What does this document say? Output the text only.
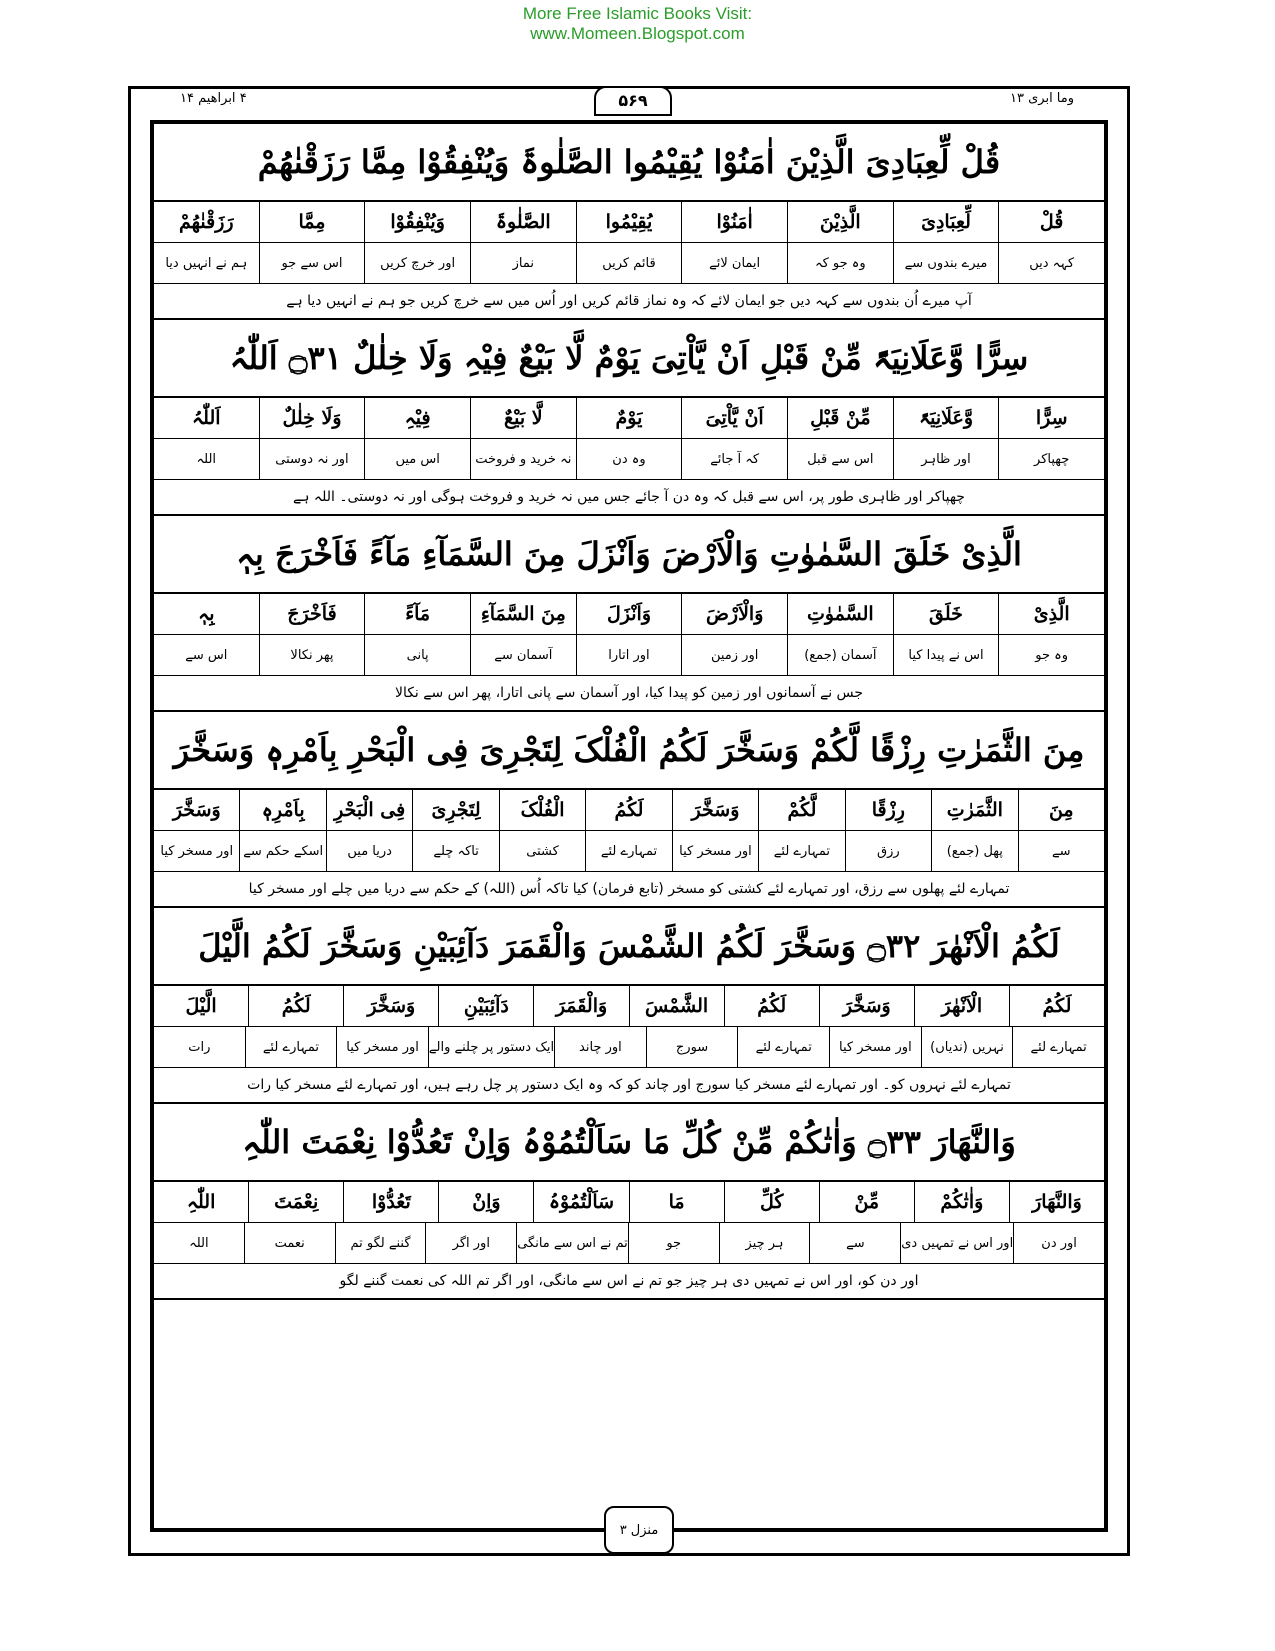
More Free Islamic Books Visit:
www.Momeen.Blogspot.com
۴ ابراھیم ۱۴	۵۶۹	وما ابری ۱۳
قُلْ لِّعِبَادِیَ الَّذِیْنَ اٰمَنُوْا یُقِیْمُوا الصَّلٰوۃَ وَیُنْفِقُوْا مِمَّا رَزَقْنٰھُمْ
قُلْ
لِّعِبَادِیَ
الَّذِیْنَ
اٰمَنُوْا
یُقِیْمُوا
الصَّلٰوۃَ
وَیُنْفِقُوْا
مِمَّا
رَزَقْنٰھُمْ
کہہ دیں
میرے بندوں سے
وہ جو کہ
ایمان لائے
قائم کریں
نماز
اور خرچ کریں
اس سے جو
ہم نے انہیں دیا
آپ میرے اُن بندوں سے کہہ دیں جو ایمان لائے کہ وہ نماز قائم کریں اور اُس میں سے خرچ کریں جو ہم نے انہیں دیا ہے
سِرًّا وَّعَلَانِیَۃً مِّنْ قَبْلِ اَنْ یَّاْتِیَ یَوْمٌ لَّا بَیْعٌ فِیْہِ وَلَا خِلٰلٌ ۝۳۱ اَللّٰہُ
سِرًّا
وَّعَلَانِیَۃً
مِّنْ قَبْلِ
اَنْ یَّاْتِیَ
یَوْمٌ
لَّا بَیْعٌ
فِیْہِ
وَلَا خِلٰلٌ
اَللّٰہُ
چھپاکر
اور ظاہر
اس سے قبل
کہ آ جائے
وہ دن
نہ خرید و فروخت
اس میں
اور نہ دوستی
اللہ
چھپاکر اور ظاہری طور پر، اس سے قبل کہ وہ دن آ جائے جس میں نہ خرید و فروخت ہوگی اور نہ دوستی۔ اللہ ہے
الَّذِیْ خَلَقَ السَّمٰوٰتِ وَالْاَرْضَ وَاَنْزَلَ مِنَ السَّمَآءِ مَآءً فَاَخْرَجَ بِہٖ
الَّذِیْ
خَلَقَ
السَّمٰوٰتِ
وَالْاَرْضَ
وَاَنْزَلَ
مِنَ السَّمَآءِ
مَآءً
فَاَخْرَجَ
بِہٖ
وہ جو
اس نے پیدا کیا
آسمان (جمع)
اور زمین
اور اتارا
آسمان سے
پانی
پھر نکالا
اس سے
جس نے آسمانوں اور زمین کو پیدا کیا، اور آسمان سے پانی اتارا، پھر اس سے نکالا
مِنَ الثَّمَرٰتِ رِزْقًا لَّکُمْ وَسَخَّرَ لَکُمُ الْفُلْکَ لِتَجْرِیَ فِی الْبَحْرِ بِاَمْرِہٖ وَسَخَّرَ
مِنَ
الثَّمَرٰتِ
رِزْقًا
لَّکُمْ
وَسَخَّرَ
لَکُمُ
الْفُلْکَ
لِتَجْرِیَ
فِی الْبَحْرِ
بِاَمْرِہٖ
وَسَخَّرَ
سے
پھل (جمع)
رزق
تمہارے لئے
اور مسخر کیا
تمہارے لئے
کشتی
تاکہ چلے
دریا میں
اسکے حکم سے
اور مسخر کیا
تمہارے لئے پھلوں سے رزق، اور تمہارے لئے کشتی کو مسخر (تابع فرمان) کیا تاکہ اُس (اللہ) کے حکم سے دریا میں چلے اور مسخر کیا
لَکُمُ الْاَنْھٰرَ ۝۳۲ وَسَخَّرَ لَکُمُ الشَّمْسَ وَالْقَمَرَ دَآئِبَیْنِ وَسَخَّرَ لَکُمُ الَّیْلَ
لَکُمُ
الْاَنْھٰرَ
وَسَخَّرَ
لَکُمُ
الشَّمْسَ
وَالْقَمَرَ
دَآئِبَیْنِ
وَسَخَّرَ
لَکُمُ
الَّیْلَ
تمہارے لئے
نہریں (ندیاں)
اور مسخر کیا
تمہارے لئے
سورج
اور چاند
ایک دستور پر چلنے والے
اور مسخر کیا
تمہارے لئے
رات
تمہارے لئے نہروں کو۔ اور تمہارے لئے مسخر کیا سورج اور چاند کو کہ وہ ایک دستور پر چل رہے ہیں، اور تمہارے لئے مسخر کیا رات
وَالنَّھَارَ ۝۳۳ وَاٰتٰکُمْ مِّنْ کُلِّ مَا سَاَلْتُمُوْہُ وَاِنْ تَعُدُّوْا نِعْمَتَ اللّٰہِ
وَالنَّھَارَ
وَاٰتٰکُمْ
مِّنْ
کُلِّ
مَا
سَاَلْتُمُوْہُ
وَاِنْ
تَعُدُّوْا
نِعْمَتَ
اللّٰہِ
اور دن
اور اس نے تمہیں دی
سے
ہر چیز
جو
تم نے اس سے مانگی
اور اگر
گننے لگو تم
نعمت
اللہ
اور دن کو، اور اس نے تمہیں دی ہر چیز جو تم نے اس سے مانگی، اور اگر تم اللہ کی نعمت گننے لگو
منزل ۳
